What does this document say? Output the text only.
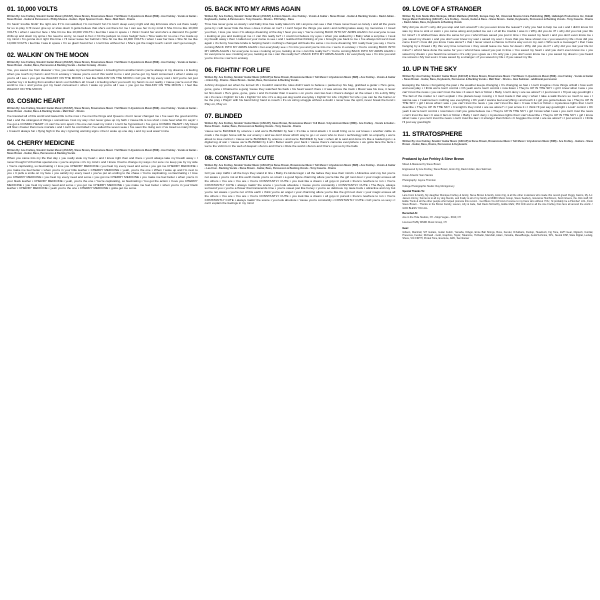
01. 10,000 VOLTS
Written By: Ace Frehley, Smokin' Guitar Music (ASCAP), Steve Brown, Brownstone Music / Yell Music / Lilysdotcom Music (BMI) ▪ Ace Frehley - Vocals & Guitar ▪ Steve Brown - Guitar & Percussion ▪ Philip Shouse - Guitar ▪ Ryan Spencer Cook - Bass ▪ Matt Starr - Drums
I'm havin' trouble findin' the right one If I'm not satisfied, I'm not havin' fun I'm lovin' sleep every night and day El knows she's out there ready for us to play It I'll never give up or slow down It gotta believe that she's out there for me I can see her in my mind It She hit me like 10,000 VOLTS ▪ when I saw her face ▪ She hit me like 10,000 VOLTS ▪ feel like I was in space ▪ I think I found her and she's a diamond It's gettin' chills up and down my spine ▪ No need to worry, no need to fret ▪ I hit the jackpot no more hedgin' bets ▪ Time waits for no one ▪ I've made up my mind ▪ I'm gonna do it right this time ▪ I'll never leave her behind ▪ She hit me like 10,000 VOLTS ▪ when I saw her face ▪ She hit me like 10,000 VOLTS ▪ feel like I was in space ▪ I'm so glad I found her ▪ I can't live without her ▪ She's got the magic touch ▪ and I can't get enough
02. WALKIN' ON THE MOON
Written By: Ace Frehley, Smokin' Guitar Music (ASCAP), Steve Brown, Brownstone Music / Yell Music / Lilysdotcom Music (BMI) ▪ Ace Frehley - Vocals & Guitar ▪ Steve Brown - Guitar, Bass, Percussion & Backing Vocals ▪ Jordan Conway - Drums
You, you saved me from disaster ▪ You, you made my heart beat faster ▪ A feeling from another land ▪ you're always in my dreams ▪ A feeling when you touch my hand ▪ and I'm in ecstasy ▪ 'cause you're out of this world to me ▪ and you've got my heart consumed ▪ when I wake up you're all I see ▪ you got me WALKIN' ON THE MOON ▪ I feel like WALKIN' ON THE MOON ▪ Girl you fill my every void ▪ Girl you're not just another toy ▪ A feeling from another land ▪ our bubble's all I need ▪ A feeling when you touch my hand ▪ is our reality ▪ 'cause you're out of this world to me ▪ and you've got my heart consumed ▪ when I wake up you're all I see ▪ you got me WALKIN' ON THE MOON ▪ I feel like WALKIN' ON THE MOON
03. COSMIC HEART
Written By: Ace Frehley, Smokin' Guitar Music (ASCAP), Steve Brown, Brownstone Music / Yell Music / Lilysdotcom Music (BMI) ▪ Ace Frehley - Vocals & Guitar ▪ Steve Brown - Guitar, Bass & Backing Vocals ▪ Matt Starr - Drums
I've traveled all of this world and tasted life to the max ▪ I've met the Kings and Queens ▪ but it never changed me ▪ I've seen the good and the bad ▪ and the strangest of things ▪ sometimes I lost my way ▪ but never gave up my faith ▪ 'cause life is too short ▪ now hear what I'm sayin' ▪ I've got a COSMIC HEART ▪ It can't be torn apart ▪ No one can read my mind ▪ I can't be hypnotized ▪ I've got a COSMIC HEART ▪ My blood will flow ▪ Faster than mere mortals ▪ and I can't be controlled ▪ I've sailed the seven seas ▪ I've seen the rising sun ▪ I've loved so many things ▪ It wasn't always fun ▪ flying high in the sky ▪ Ignoring warning signs ▪ then I woke up one day ▪ and my soul wasn't mine
04. CHERRY MEDICINE
Written By: Ace Frehley, Smokin' Guitar Music (ASCAP), Steve Brown, Brownstone Music / Yell Music / Lilysdotcom Music (BMI) ▪ Ace Frehley - Vocals & Guitar ▪ Steve Brown - Guitar, Bass, Percussion & Backing Vocals
When you came into my life that day ▪ you really stole my heart ▪ and I knew right then and there ▪ you'd always take my breath away ▪ I never thought I'd find that special one ▪ you're anyone ▪ it's my mind ▪ and I knew I had to change my ways ▪ for sure ▪ to keep you by my side ▪ You're captivating, so fascinating ▪ I love you CHERRY MEDICINE ▪ you heal my every need and some ▪ you got me CHERRY MEDICINE ▪ you make me feel better ▪ when you're in your little leather ▪ CHERRY MEDICINE ▪ yeah, you're the one ▪ When I woke up and I'm next to you ▪ It pulls a smile on my face ▪ you satisfy my every need ▪ you've put an ending to the chase ▪ You're captivating, so fascinating ▪ I love you CHERRY MEDICINE ▪ you heal my every need and some ▪ you got me CHERRY MEDICINE ▪ you make me feel better ▪ when you're in your black leather ▪ CHERRY MEDICINE ▪ yeah, you're the one ▪ You're captivating, so fascinating ▪ You got the action ▪ I love you CHERRY MEDICINE ▪ you heal my every need and some ▪ you got me CHERRY MEDICINE ▪ you make me feel better ▪ when you're in your black leather ▪ CHERRY MEDICINE ▪ yeah you're the one ▪ CHERRY MEDICINE ▪ gotta get me some
05. BACK INTO MY ARMS AGAIN
Written By: Ace Frehley, Smokin' Guitar Music (ASCAP) & Anton Sword ▪ Ace Frehley - Vocals & Guitar ▪ Steve Brown - Guitar & Backing Vocals ▪ David Julian - Keyboards, Guitar, & Percussion ▪ Tony Caserta - Drums ▪ P.D Farley - Bass
Time has never gone so slowly ▪ and baby time has really taken it's toll ▪ anyone can see ▪ that I have never been so lonely ▪ and all the years gone by ▪ will never hide the lines ▪ does it show on me? ▪ I can't forget the things you said ▪ and nothing takes away my memories ▪ I loved you then, I love you now ▪ I'm always dreaming of the day I hear you say ▪ You're coming BACK INTO MY ARMS AGAIN ▪ for everyone to see ▪ looking at you and looking at me ▪ I can this really be? ▪ I could not believe my eyes ▪ when you walked by ▪ Baby what a surprise ▪ I took my breath away ▪ then I called out your name to see ▪ and I realized that thinking of you ▪ brought you back to me ▪ I've always felt we'd meet again ▪ it's funny how fate kinda is helping hand ▪ nothing's changed still feels the same ▪ no more dreaming 'till I really hear you say ▪ You're coming BACK INTO MY ARMS AGAIN ▪ bet everybody see ▪ I'm into you and you're into me ▪ we're in ecstasy ▪ You're coming BACK INTO MY ARMS AGAIN ▪ for everyone to see ▪ looking at you, looking at me ▪ can this really be? ▪ You're coming BACK INTO MY ARMS AGAIN ▪ for everyone to see ▪ looking at you, looking at me ▪ can this really be? ▪ BACK INTO MY ARMS AGAIN ▪ for everybody see ▪ I'm into you and you're into me ▪ we're in ecstasy
06. FIGHTIN' FOR LIFE
Written By: Ace Frehley, Smokin' Guitar Music (ASCAP) & Steve Brown, Brownstone Music / Yell Music / Lilysdotcom Music (BMI) ▪ Ace Frehley - Vocals & Guitar ▪ Anton Fig - Drums ▪ Steve Brown - Guitar, Bass, Percussion & Backing Vocals
Johnny dropped out when he turned 16 ▪ Couldn't stand the rules didn't want to believe ▪ packed up his bag, grabbed a guitar ▪ He's gone, gone, gone ▪ Chained to a gang 'cause they watched his back ▪ his heart wasn't there ▪ it was across the track ▪ Music was his love, it never let him down ▪ He's gone, gone, gone ▪ and it's harder than it seems ▪ on you're own two feet ▪ there's danger on the street ▪ It's a dirty filthy rat ▪ it's race ▪ Fightin' for Life ▪ Fightin' for Life ▪ It's a dog eat dog world everyday ▪ Fightin' for Life ▪ Fightin' for Life ▪ you can be the hunter or be the prey ▪ Playin' with his band living' hand to mouth ▪ It's six string struggle without a doubt ▪ never lose the spirit, never break the bond ▪ Play on, Play on
07. BLINDED
Written By: Ace Frehley, Smokin' Guitar Music (ASCAP), Steve Brown, Brownstone Music / Yell Music / Lilysdotcom Music (BMI) ▪ Ace Frehley - Vocals & Guitar ▪ Steve Brown - Guitar, Bass, Percussion & Backing Vocals ▪ Tony Caserta - Drums
'cause we're BLINDED by science ▪ and we're BLINDED by fear ▪ It's like a mind attack ▪ It could bring us to our knees ▪ another cable to crack ▪ the trojan horse will be our enemy ▪ and we don't know which way to go ▪ or even who to trust ▪ technology with no empathy ▪ we're about to lose control ▪ 'cause we're BLINDED by science ▪ and we're BLINDED by fear ▪ when all is said and done it's like a loaded gun ▪ a digital log of war ▪ 'cause we're BLINDED by it all ▪ Better watch your back ▪ 'cause there's cameras everywhere ▪ we gotta face the facts ▪ we're the victim's in the web of despair ▪ Zero's and One's ▪ Rule the world ▪ Zero's and One's ▪ got us by the balls
08. CONSTANTLY CUTE
Written By: Ace Frehley, Smokin' Guitar Music (ASCAP) & Steve Brown, Brownstone Music / Yell Music / Lilysdotcom Music (BMI) ▪ Ace Frehley - Vocals & Guitar ▪ Lea Cruz - Backing Vocals ▪ Steve Brown - Guitar, Bass, Percussion & Backing Vocals ▪ Tony Caserta - Drums
Girl you stop traffic ▪ all the boys they stand in line ▪ Baby it's kinda tragic ▪ all the ladies they lose their mind's ▪ Attractive and coy but you're not aware ▪ you're not at this earth inside you're so smart ▪ a good figure charming allure you're like the girl next door ▪ your magic ensues all the others ▪ You are ▪ You are ▪ You're CONSTANTLY CUTE ▪ you look like a dream ▪ all guys in pursuit ▪ there's nowhere to run ▪ You're CONSTANTLY CUTE ▪ always makin' the scene ▪ you look absolute ▪ 'cause you're constantly ▪ CONSTANTLY CUTE ▪ The Boys, always surround you ▪ you're a flower that transcends time ▪ you're sweet just like honey ▪ you're so delicious my taste buds ▪ attractive and coy but you're not aware ▪ you're not of this earth ▪ think you're an angel ▪ your charming allure you're like the girl next door ▪ your magic ensues all the others ▪ You are ▪ You are ▪ You're CONSTANTLY CUTE ▪ you look like a dream ▪ all guys in pursuit ▪ there's nowhere to run ▪ You're CONSTANTLY CUTE ▪ always makin' the scene ▪ you look absolute ▪ 'cause you're constantly ▪ CONSTANTLY CUTE ▪ Girl you're so sexy ▪ I can't explain the feelings in my mind
09. LOVE OF A STRANGER
Written By Fem Noëla Mina Monique, Wilder Matthew (ASCAP), Europa Carp SA, Universal Musica Unica Publishing (BMI), Hallelujah Productions Inc, Kobalt Songs Music Publishing (ASCAP) ▪ Ace Frehley - Vocals, Guitar & Bass ▪ Steve Brown - Guitar, Keyboards, Percussion & Backing Vocals ▪ Tony Caserta - Drums ▪ David Julian, Bass, Keyboards & Backing Vocals
Why did you do it? ▪ why did you stop and turn around? ▪ do you even know the reason? ▪ why you had to help me out ▪ and I didn't know It it was my time to sink or swim ▪ you came along and pulled me out ▪ of all the trouble I was in ▪ Why did you do it? ▪ why did you risk your life for mine? ▪ It whirled have done the same for you ▪ who'd have saved you just in time ▪ You saved my heart ▪ and you don't even know me ▪ you saved my dream ▪ and you don't ever know my soul ▪ saved my soul ▪ I love that you have shown me ▪ you saved my life ▪ how did you come from? ▪ how did you know I was alone? ▪ that I never stood a chance to find a way out on my own ▪ Who sent a message? ▪ that I was hanging by a thread ▪ By this very time tomorrow ▪ they would leave me here for dead ▪ Why did you do it? ▪ why did you risk your life for mine? ▪ who'd have done the same for you ▪ who'd have saved you just in time ▪ You saved my heart ▪ and you don't even know me ▪ you saved my dream ▪ you heard me scream ▪ It's only you ▪ gave us ▪ It's only you ▪ you don't even know me ▪ you saved my dream ▪ you heard me scream ▪ My lost soul ▪ It was saved by a stranger ▪ if you saved my life ▪ if you saved my life
10. UP IN THE SKY
Written By: Ace Frehley, Smokin' Guitar Music (ASCAP) & Steve Brown, Brownstone Music / Yell Music / Lilysdotcom Music (BMI) ▪ Ace Frehley - Vocals & Guitar ▪ Steve Brown - Guitar, Bass, Keyboards, Percussion & Backing Vocals ▪ Matt Starr - Drums ▪ Alex Salzman - additional percussion
Escaping the future ▪ Forgetting the past ▪ the weather keeps changing ▪ It's changing so fast ▪ I can't imagine ▪ how things unfold ▪ how such and everyday ▪ I think we're losin' control ▪ Oh yeah we're losin' control ▪ now listen ▪ They're UP IN THE SKY ▪ girl I know what I saw ▪ you can't trust the news ▪ you can't trust the law ▪ It was it fact or fiction ▪ Baby I can't deny ▪ are we alone? ▪ I just know it ▪ I'll just say goodnight ▪ The fact of the matter is I can't explain ▪ the planets keep moving ▪ It God made it that way ▪ when I take a walk there's so much to see ▪ I wanna see ▪ I wanna feel ▪ nothing see everything ▪ Oh yeah I wanna feel everything ▪ and touch it ▪ girl you gotta believe me ▪ They're UP IN THE SKY ▪ girl I know what I saw ▪ you can't trust the news ▪ you can't trust the law ▪ It was it fact or fiction ▪ mysterious lights that I can't describe ▪ They're UP IN THE SKY ▪ It tonight's they mind ▪ are we alone? ▪ I just screw it ▪ I think I'll just say goodnight ▪ Losin' control ▪ Oh yeah it we're losin' control ▪ now listen ▪ Girl you gotta believe me ▪ They're UP IN THE SKY ▪ girl I know what I saw ▪ you can't trust the news ▪ can't trust the law ▪ It was it fact or fiction ▪ Baby I can't deny ▪ mysterious lights that I can't describe ▪ They're UP IN THE SKY ▪ girl I know what I saw ▪ you can't trust the news ▪ can't trust the law ▪ it stranger than fiction ▪ It boggles the mind ▪ are we alone? ▪ I just screw it ▪ I think I'll just say goodnight
11. STRATOSPHERE
Written By: Ace Frehley, Smokin' Guitar Music (ASCAP) & Steve Brown, Brownstone Music / Yell Music / Lilysdotcom Music (BMI) ▪ Ace Frehley - Guitars ▪ Steve Brown - Guitar, Bass, Drums, Percussion & Keyboards
Produced by Ace Frehley & Steve Brown
Mixed & Mastered by Steve Brown
Engineered by Ace Frehley, Steve Brown, Anton Fig, David Julian, Alex Salzman
Cover Artwork: Sam Santos
Photography: Jayme Thornton
College Photographic Studio: Ray Montgomery
Special Thanks To:
Lara Conn & family, My daughter Monique Frehley & family, Steve Brown & family, Anton Fig, & all the other musicians who made this record great! Peggy Castro, My A.J. Jaxson Jimmy, Sonnet & to all my dog friends, and finally to all of my family at MNRK Music Group, Steve Seabury, Giovanna Hutchinson, Scott Givens, the JAG staff, Mr. Eddie Trunk & all the other people who helped promote this record... Get Bless You All! And of course to my Fans who without YOU, I'd probably be a Plumber! LOL, From Steve Brown... Thanks to the Brown Family, Lauren, Lilly & Jade, Neil Davis McCarthy, Eddie Mahr, Phil Cirili and to all the Ace Frehley Kiss fans all around the world...! GOD BLESS YOU ALL
Recorded At:
Ace in the Hole Studios, NY ▪ Mojo Vegas - 6910, NY
Licensed To/By MNRK Music Group, NY
Gear:
Gibson, Marshall, SIT Guitars, Guitar Fetish, Yamaha, DiAgio, Ernie Ball Strings, Boss, Fender, D'Addario, Dunlop, Headrush, Fig Tone, EVH Gear, Digitech, Cordial, Presonus, Fender, Richwall - Gold, Graphics, Taylor, Takamine, Hi-Radio, Marshall, Adam, Yamaha, Mesa/Boogie, AudioTechnica, SPL, Neural DSP, Slate Digital, Ludwig, Shure, VIC FIRTH, Protek Tone, Evertune, ARC, Sennheiser
